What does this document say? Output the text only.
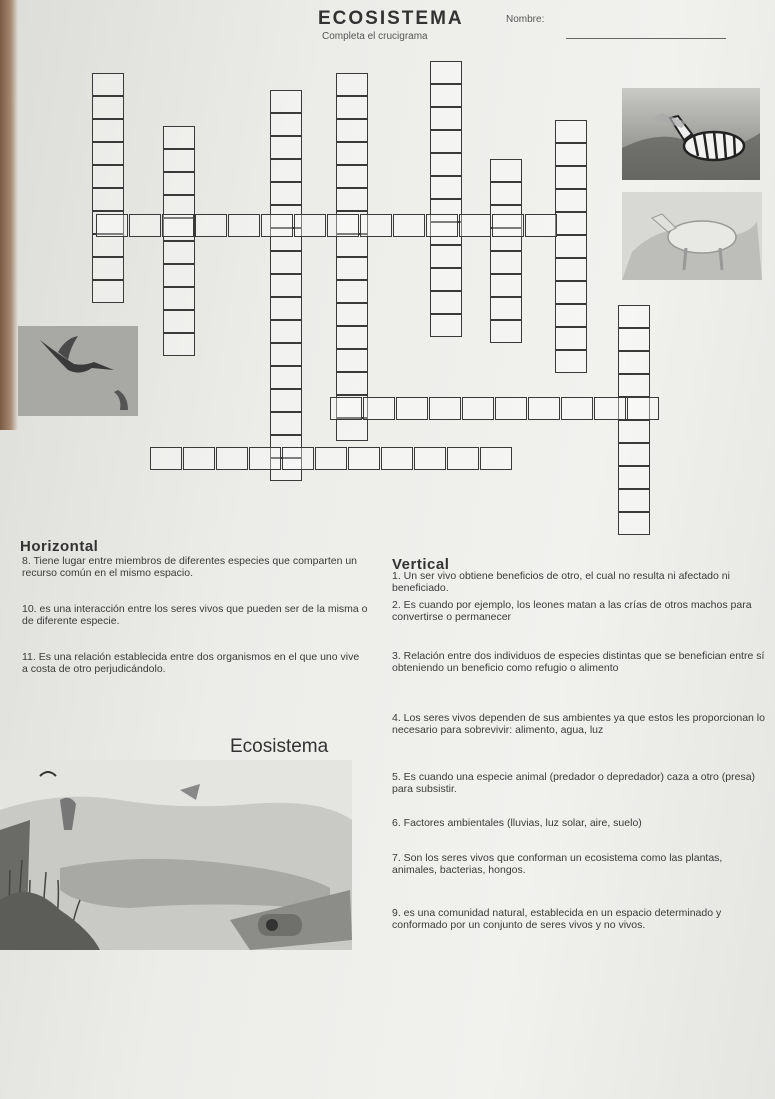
ECOSISTEMA
Completa el crucigrama
Nombre:
Horizontal
Vertical
8. Tiene lugar entre miembros de diferentes especies que comparten un recurso común en el mismo espacio.
10. es una interacción entre los seres vivos que pueden ser de la misma o de diferente especie.
11. Es una relación establecida entre dos organismos en el que uno vive a costa de otro perjudicándolo.
1. Un ser vivo obtiene beneficios de otro, el cual no resulta ni afectado ni beneficiado.
2. Es cuando por ejemplo, los leones matan a las crías de otros machos para convertirse o permanecer
3. Relación entre dos individuos de especies distintas que se benefician entre sí obteniendo un beneficio como refugio o alimento
4. Los seres vivos dependen de sus ambientes ya que estos les proporcionan lo necesario para sobrevivir: alimento, agua, luz
5. Es cuando una especie animal (predador o depredador) caza a otro (presa) para subsistir.
6. Factores ambientales (lluvias, luz solar, aire, suelo)
7. Son los seres vivos que conforman un ecosistema como las plantas, animales, bacterias, hongos.
9. es una comunidad natural, establecida en un espacio determinado y conformado por un conjunto de seres vivos y no vivos.
Ecosistema
